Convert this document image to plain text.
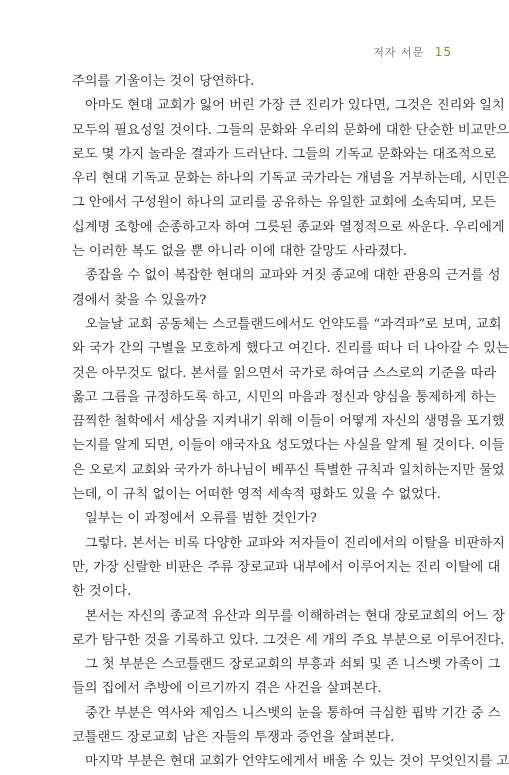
저자 서문 15
주의를 기울이는 것이 당연하다.
아마도 현대 교회가 잃어 버린 가장 큰 진리가 있다면, 그것은 진리와 일치
모두의 필요성일 것이다. 그들의 문화와 우리의 문화에 대한 단순한 비교만으
로도 몇 가지 놀라운 결과가 드러난다. 그들의 기독교 문화와는 대조적으로
우리 현대 기독교 문화는 하나의 기독교 국가라는 개념을 거부하는데, 시민은
그 안에서 구성원이 하나의 교리를 공유하는 유일한 교회에 소속되며, 모든
십계명 조항에 순종하고자 하여 그릇된 종교와 열정적으로 싸운다. 우리에게
는 이러한 복도 없을 뿐 아니라 이에 대한 갈망도 사라졌다.
종잡을 수 없이 복잡한 현대의 교파와 거짓 종교에 대한 관용의 근거를 성
경에서 찾을 수 있을까?
오늘날 교회 공동체는 스코틀랜드에서도 언약도를 “과격파”로 보며, 교회
와 국가 간의 구별을 모호하게 했다고 여긴다. 진리를 떠나 더 나아갈 수 있는
것은 아무것도 없다. 본서를 읽으면서 국가로 하여금 스스로의 기준을 따라
옳고 그름을 규정하도록 하고, 시민의 마음과 정신과 양심을 통제하게 하는
끔찍한 철학에서 세상을 지켜내기 위해 이들이 어떻게 자신의 생명을 포기했
는지를 알게 되면, 이들이 애국자요 성도였다는 사실을 알게 될 것이다. 이들
은 오로지 교회와 국가가 하나님이 베푸신 특별한 규칙과 일치하는지만 물었
는데, 이 규칙 없이는 어떠한 영적 세속적 평화도 있을 수 없었다.
일부는 이 과정에서 오류를 범한 것인가?
그렇다. 본서는 비록 다양한 교파와 저자들이 진리에서의 이탈을 비판하지
만, 가장 신랄한 비판은 주류 장로교파 내부에서 이루어지는 진리 이탈에 대
한 것이다.
본서는 자신의 종교적 유산과 의무를 이해하려는 현대 장로교회의 어느 장
로가 탐구한 것을 기록하고 있다. 그것은 세 개의 주요 부분으로 이루어진다.
그 첫 부분은 스코틀랜드 장로교회의 부흥과 쇠퇴 및 존 니스벳 가족이 그
들의 집에서 추방에 이르기까지 겪은 사건을 살펴본다.
중간 부분은 역사와 제임스 니스벳의 눈을 통하여 극심한 핍박 기간 중 스
코틀랜드 장로교회 남은 자들의 투쟁과 증언을 살펴본다.
마지막 부분은 현대 교회가 언약도에게서 배울 수 있는 것이 무엇인지를 고
